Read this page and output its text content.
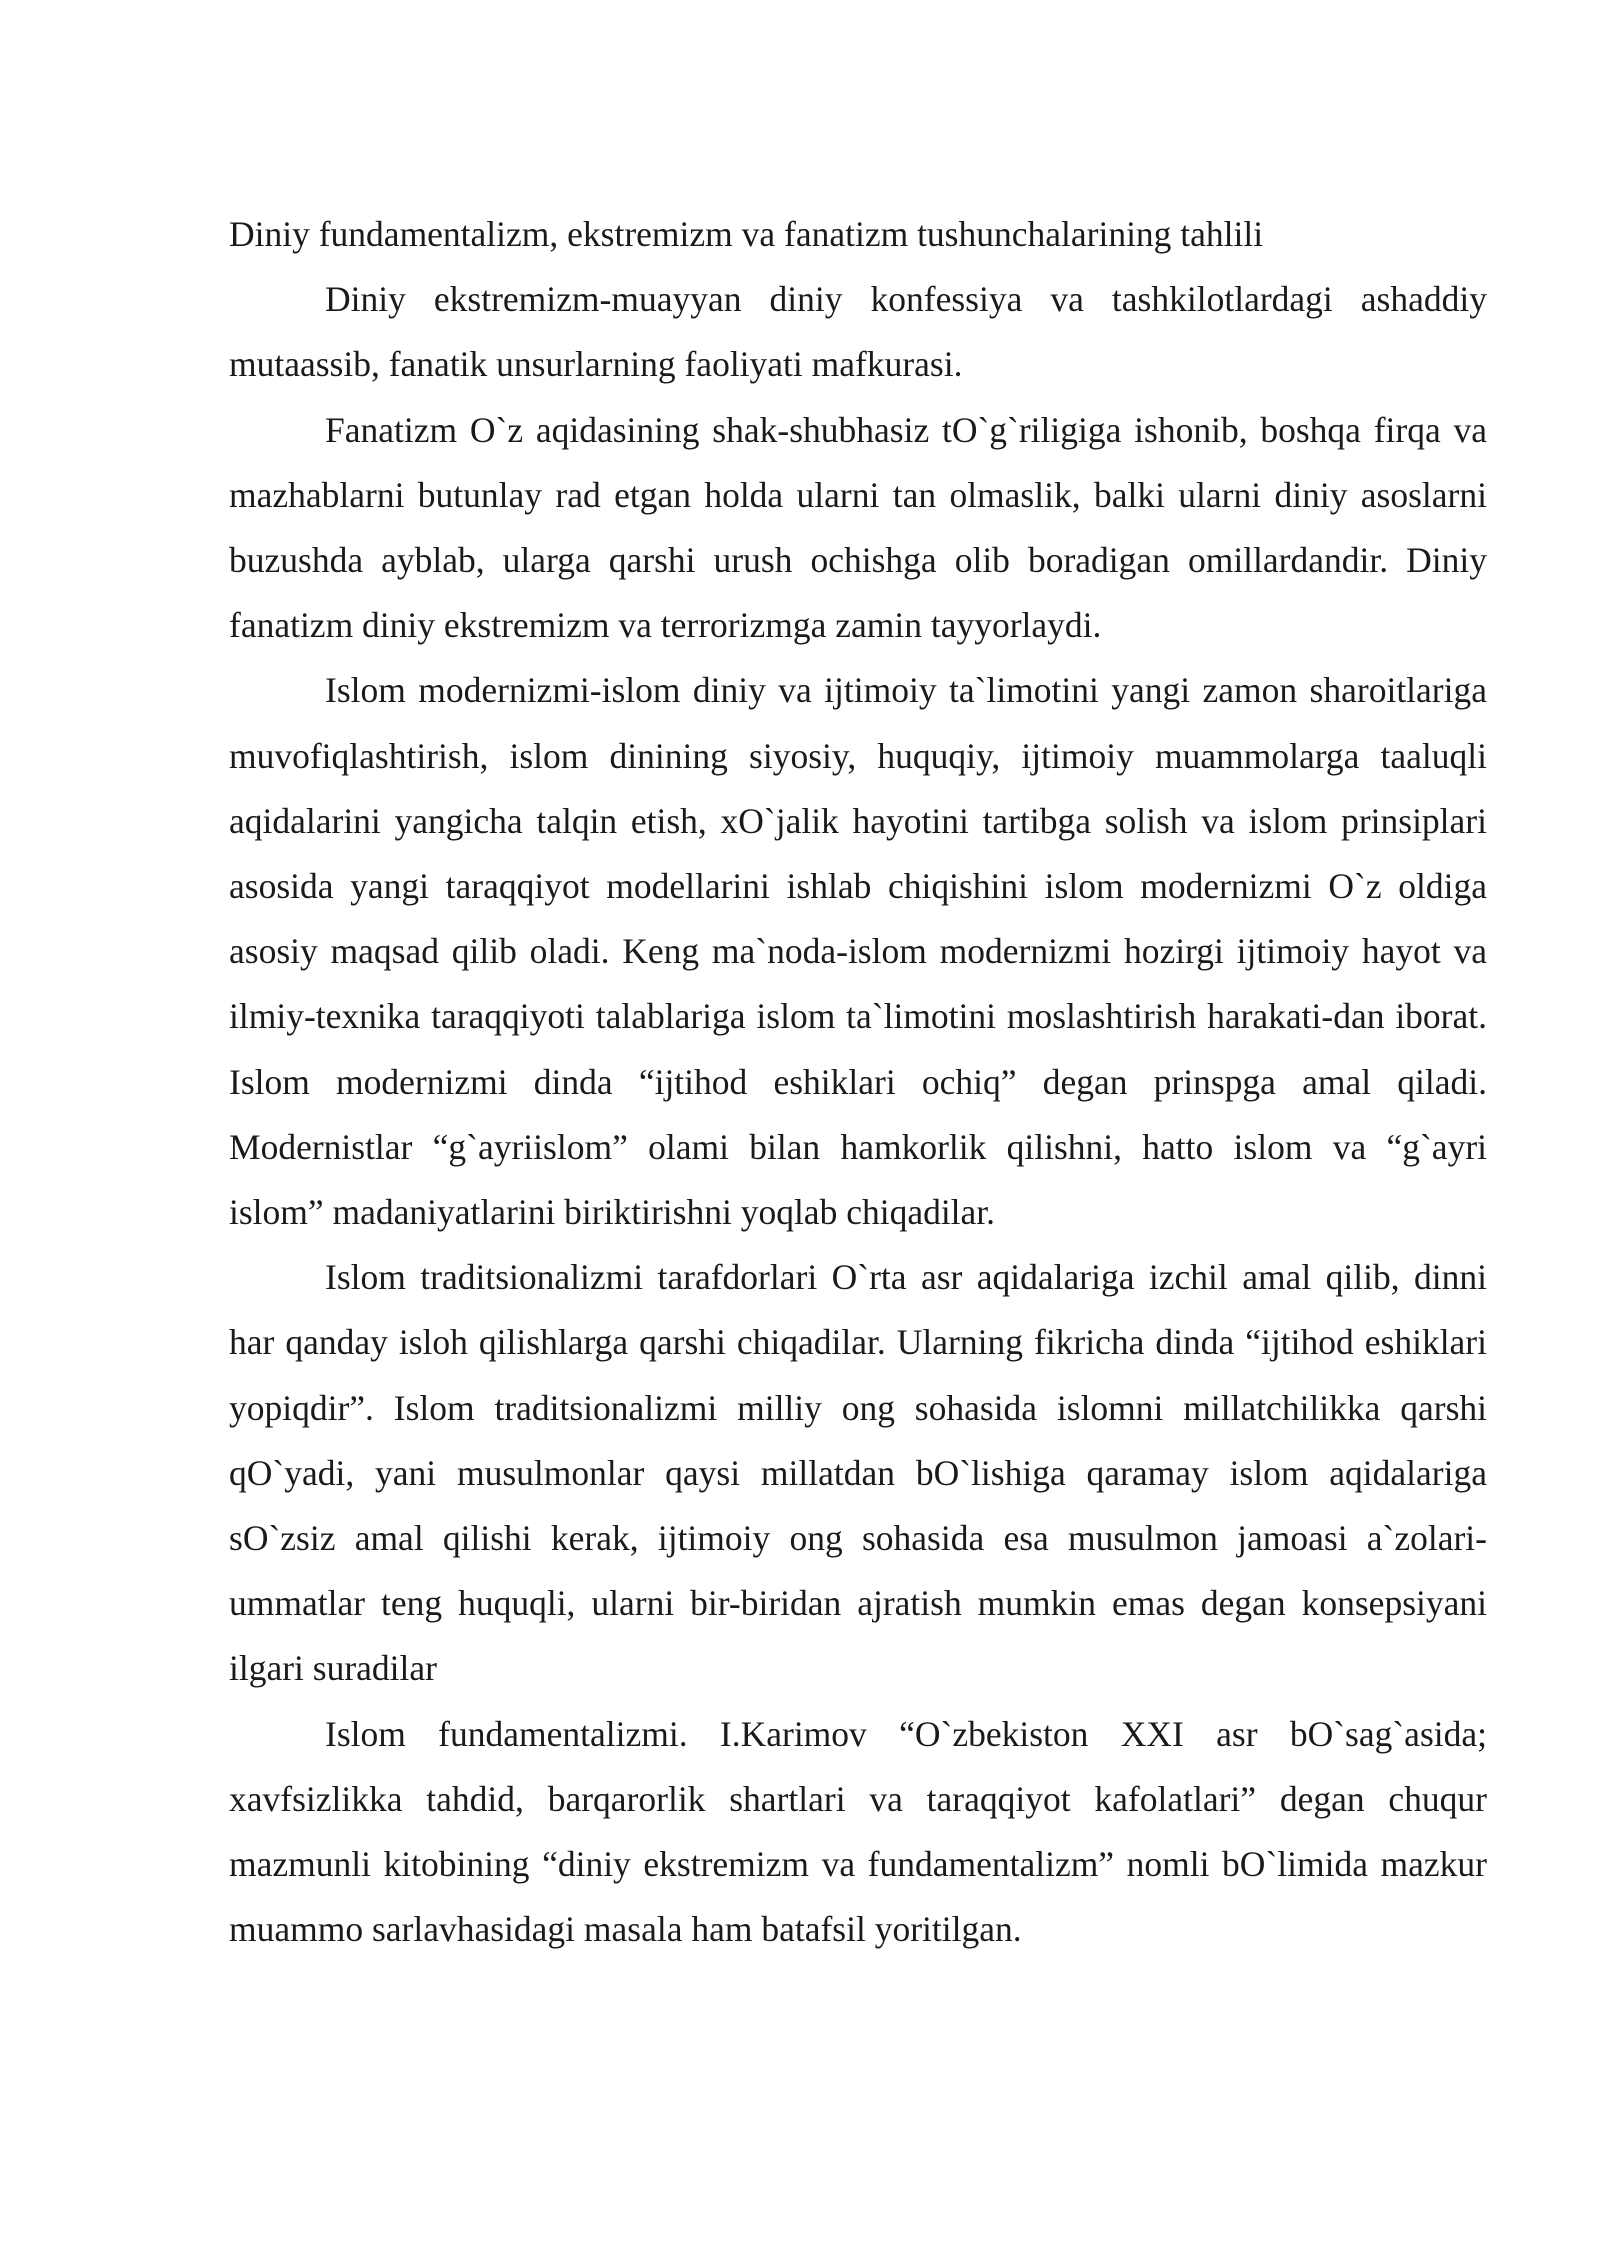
Diniy fundamentalizm, ekstremizm va fanatizm tushunchalarining tahlili

Diniy ekstremizm-muayyan diniy konfessiya va tashkilotlardagi ashaddiy mutaassib, fanatik unsurlarning faoliyati mafkurasi.

Fanatizm O`z aqidasining shak-shubhasiz tO`g`riligiga ishonib, boshqa firqa va mazhablarni butunlay rad etgan holda ularni tan olmaslik, balki ularni diniy asoslarni buzushda ayblab, ularga qarshi urush ochishga olib boradigan omillardandir. Diniy fanatizm diniy ekstremizm va terrorizmga zamin tayyorlaydi.

Islom modernizmi-islom diniy va ijtimoiy ta`limotini yangi zamon sharoitlariga muvofiqlashtirish, islom dinining siyosiy, huquqiy, ijtimoiy muammolarga taaluqli aqidalarini yangicha talqin etish, xO`jalik hayotini tartibga solish va islom prinsiplari asosida yangi taraqqiyot modellarini ishlab chiqishini islom modernizmi O`z oldiga asosiy maqsad qilib oladi. Keng ma`noda-islom modernizmi hozirgi ijtimoiy hayot va ilmiy-texnika taraqqiyoti talablariga islom ta`limotini moslashtirish harakati-dan iborat. Islom modernizmi dinda “ijtihod eshiklari ochiq” degan prinspga amal qiladi. Modernistlar “g`ayriislom” olami bilan hamkorlik qilishni, hatto islom va “g`ayri islom” madaniyatlarini biriktirishni yoqlab chiqadilar.

Islom traditsionalizmi tarafdorlari O`rta asr aqidalariga izchil amal qilib, dinni har qanday isloh qilishlarga qarshi chiqadilar. Ularning fikricha dinda “ijtihod eshiklari yopiqdir”. Islom traditsionalizmi milliy ong sohasida islomni millatchilikka qarshi qO`yadi, yani musulmonlar qaysi millatdan bO`lishiga qaramay islom aqidalariga sO`zsiz amal qilishi kerak, ijtimoiy ong sohasida esa musulmon jamoasi a`zolari-ummatlar teng huquqli, ularni bir-biridan ajratish mumkin emas degan konsepsiyani ilgari suradilar

Islom fundamentalizmi. I.Karimov “O`zbekiston XXI asr bO`sag`asida; xavfsizlikka tahdid, barqarorlik shartlari va taraqqiyot kafolatlari” degan chuqur mazmunli kitobining “diniy ekstremizm va fundamentalizm” nomli bO`limida mazkur muammo sarlavhasidagi masala ham batafsil yoritilgan.
